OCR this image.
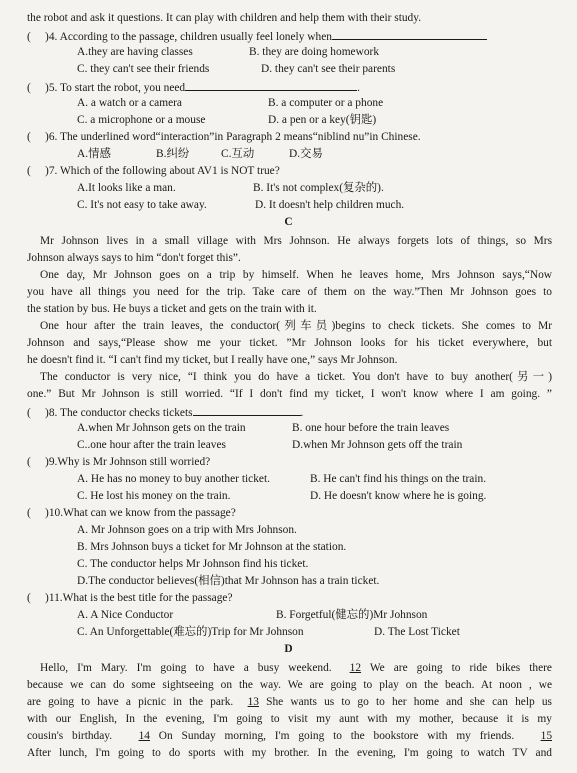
the robot and ask it questions. It can play with children and help them with their study.
( )4. According to the passage, children usually feel lonely when
A.they are having classes	B. they are doing homework
C. they can't see their friends	D. they can't see their parents
( )5. To start the robot, you need	.
A. a watch or a camera	B. a computer or a phone
C. a microphone or a mouse	D. a pen or a key(钥匙)
( )6. The underlined word“interaction”in Paragraph 2 means“niblind nu”in Chinese.
A.情感	B.纠纷	C.互动	D.交易
( )7. Which of the following about AV1 is NOT true?
A.It looks like a man.	B. It's not complex(复杂的).
C. It's not easy to take away.	D. It doesn't help children much.
C
Mr Johnson lives in a small village with Mrs Johnson. He always forgets lots of things, so Mrs
Johnson always says to him “don't forget this”.
One day, Mr Johnson goes on a trip by himself. When he leaves home, Mrs Johnson says,“Now
you have all things you need for the trip. Take care of them on the way.”Then Mr Johnson goes to
the station by bus. He buys a ticket and gets on the train with it.
One hour after the train leaves, the conductor(列车员)begins to check tickets. She comes to Mr
Johnson and says,“Please show me your ticket. ”Mr Johnson looks for his ticket everywhere, but
he doesn't find it. “I can't find my ticket, but I really have one,” says Mr Johnson.
The conductor is very nice, “I think you do have a ticket. You don't have to buy another(另一)
one.” But Mr Johnson is still worried. “If I don't find my ticket, I won't know where I am going. ”
( )8. The conductor checks tickets	.
A.when Mr Johnson gets on the train	B. one hour before the train leaves
C..one hour after the train leaves	D.when Mr Johnson gets off the train
( )9.Why is Mr Johnson still worried?
A. He has no money to buy another ticket.	B. He can't find his things on the train.
C. He lost his money on the train.	D. He doesn't know where he is going.
( )10.What can we know from the passage?
A. Mr Johnson goes on a trip with Mrs Johnson.
B. Mrs Johnson buys a ticket for Mr Johnson at the station.
C. The conductor helps Mr Johnson find his ticket.
D.The conductor believes(相信)that Mr Johnson has a train ticket.
( )11.What is the best title for the passage?
A. A Nice Conductor	B. Forgetful(健忘的)Mr Johnson
C. An Unforgettable(难忘的)Trip for Mr Johnson	D. The Lost Ticket
D
Hello, I'm Mary. I'm going to have a busy weekend. 12 We are going to ride bikes there
because we can do some sightseeing on the way. We are going to play on the beach. At noon , we
are going to have a picnic in the park. 13 She wants us to go to her home and she can help us
with our English, In the evening, I'm going to visit my aunt with my mother, because it is my
cousin's birthday. 14 On Sunday morning, I'm going to the bookstore with my friends. 15
After lunch, I'm going to do sports with my brother. In the evening, I'm going to watch TV and
